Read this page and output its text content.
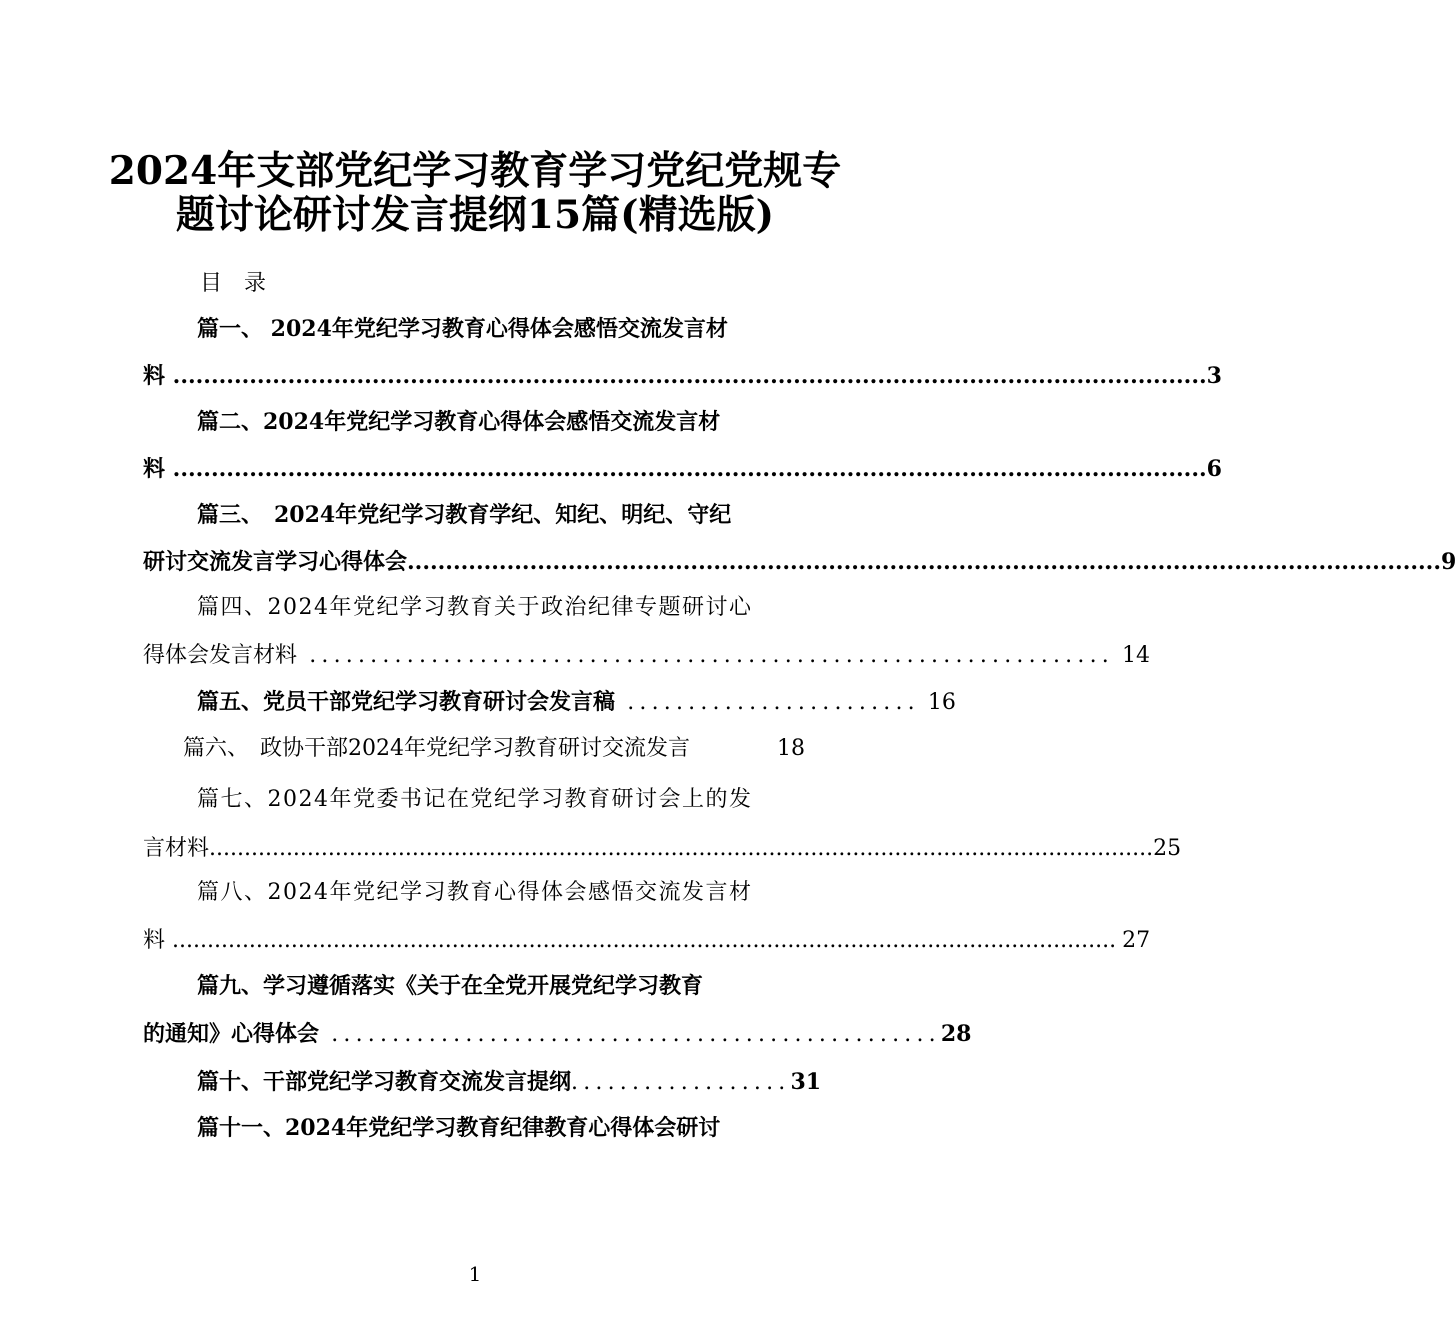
2024年支部党纪学习教育学习党纪党规专
题讨论研讨发言提纲15篇(精选版)
目　录
篇一、 2024年党纪学习教育心得体会感悟交流发言材
料 ....................................................................................................................................... 3
篇二、2024年党纪学习教育心得体会感悟交流发言材
料 ....................................................................................................................................... 6
篇三、　2024年党纪学习教育学纪、知纪、明纪、守纪
研讨交流发言学习心得体会 ....................................................................................................................................... 9
篇四、2024年党纪学习教育关于政治纪律专题研讨心
得体会发言材料 .................................................................. 14
篇五、党员干部党纪学习教育研讨会发言稿 ........................ 16
篇六、　政协干部2024年党纪学习教育研讨交流发言	18
篇七、2024年党委书记在党纪学习教育研讨会上的发
言材料 ....................................................................................................................................... 25
篇八、2024年党纪学习教育心得体会感悟交流发言材
料 ....................................................................................................................................... 27
篇九、学习遵循落实《关于在全党开展党纪学习教育
的通知》心得体会 .................................................. 28
篇十、干部党纪学习教育交流发言提纲 .................. 31
篇十一、2024年党纪学习教育纪律教育心得体会研讨
1
